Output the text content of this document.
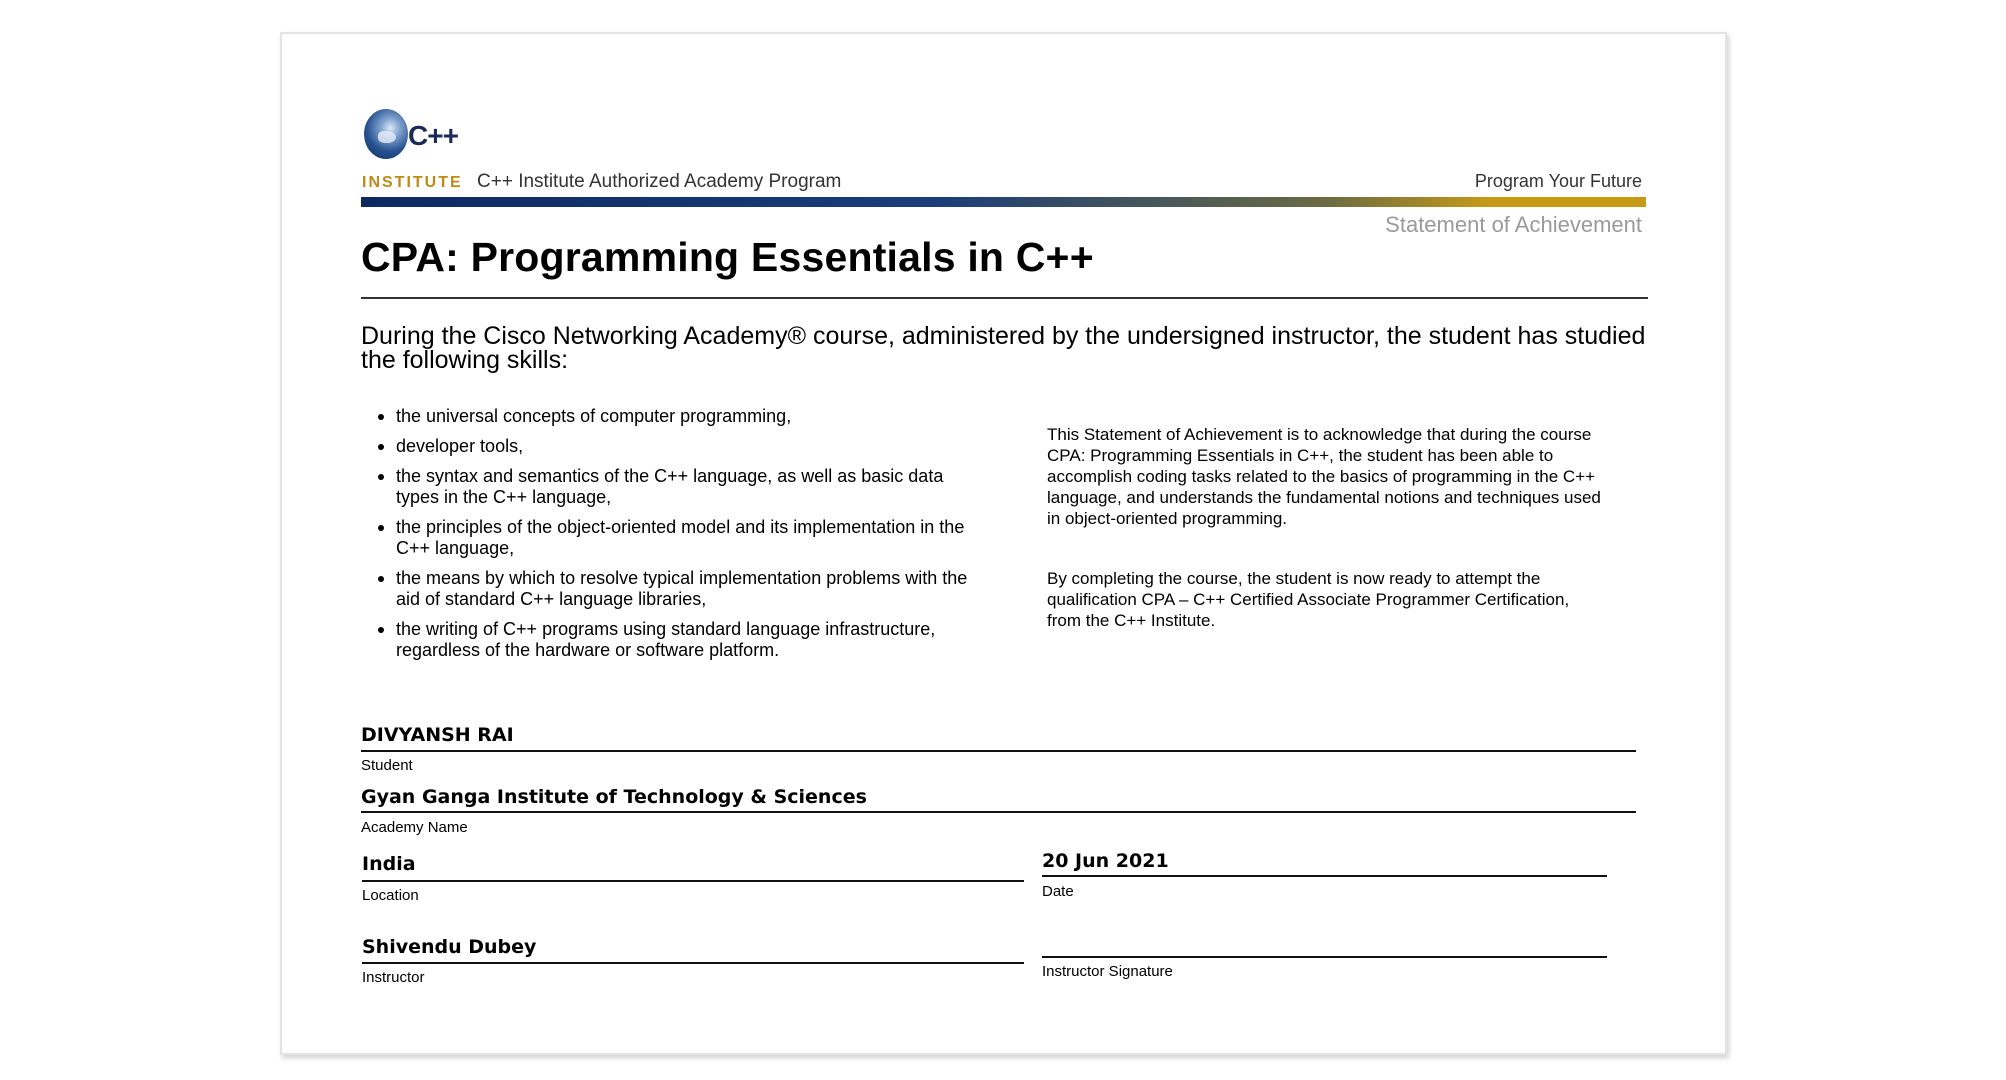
C++
INSTITUTE C++ Institute Authorized Academy Program	Program Your Future
Statement of Achievement
CPA: Programming Essentials in C++
During the Cisco Networking Academy® course, administered by the undersigned instructor, the student has studied the following skills:
the universal concepts of computer programming,
developer tools,
the syntax and semantics of the C++ language, as well as basic data types in the C++ language,
the principles of the object-oriented model and its implementation in the C++ language,
the means by which to resolve typical implementation problems with the aid of standard C++ language libraries,
the writing of C++ programs using standard language infrastructure, regardless of the hardware or software platform.
This Statement of Achievement is to acknowledge that during the course CPA: Programming Essentials in C++, the student has been able to accomplish coding tasks related to the basics of programming in the C++ language, and understands the fundamental notions and techniques used in object-oriented programming.
By completing the course, the student is now ready to attempt the qualification CPA – C++ Certified Associate Programmer Certification, from the C++ Institute.
DIVYANSH RAI
Student
Gyan Ganga Institute of Technology & Sciences
Academy Name
India
Location
20 Jun 2021
Date
Shivendu Dubey
Instructor	Instructor Signature
